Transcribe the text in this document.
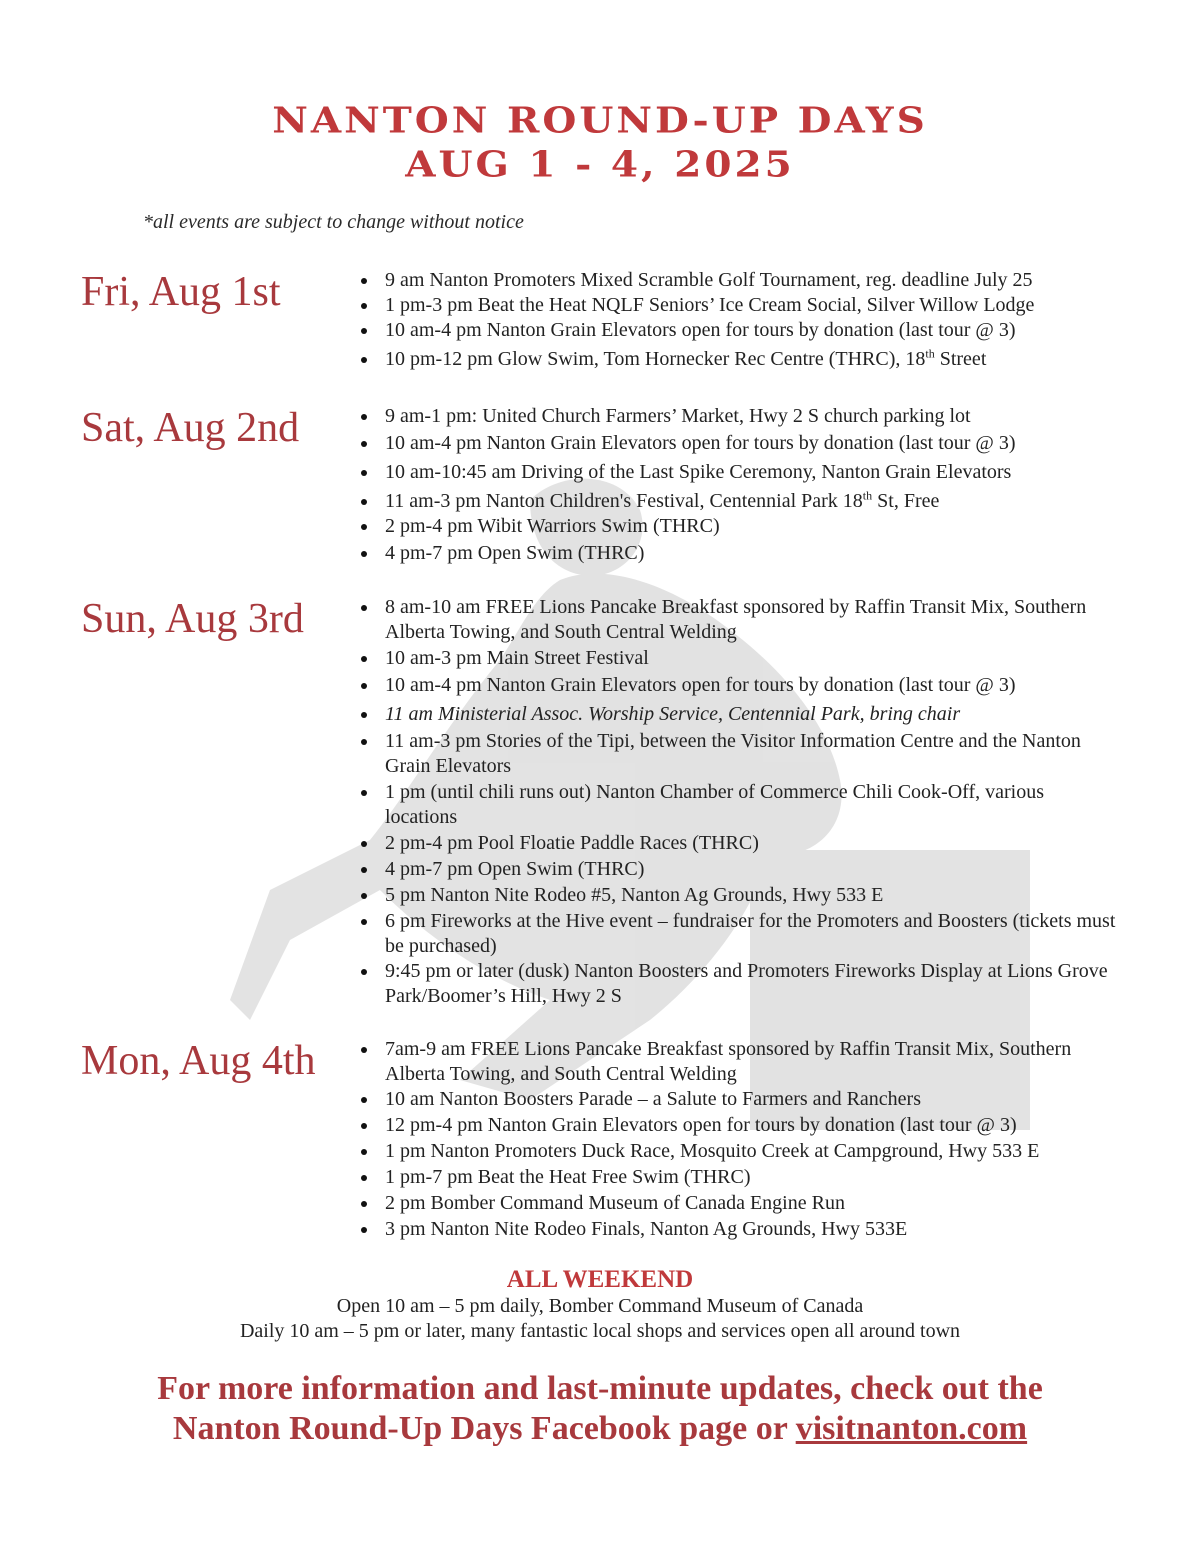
NANTON ROUND-UP DAYS
AUG 1 - 4, 2025
*all events are subject to change without notice
Fri, Aug 1st	9 am Nanton Promoters Mixed Scramble Golf Tournament, reg. deadline July 25
1 pm-3 pm Beat the Heat NQLF Seniors’ Ice Cream Social, Silver Willow Lodge
10 am-4 pm Nanton Grain Elevators open for tours by donation (last tour @ 3)
10 pm-12 pm Glow Swim, Tom Hornecker Rec Centre (THRC), 18th Street
Sat, Aug 2nd	9 am-1 pm: United Church Farmers’ Market, Hwy 2 S church parking lot
10 am-4 pm Nanton Grain Elevators open for tours by donation (last tour @ 3)
10 am-10:45 am Driving of the Last Spike Ceremony, Nanton Grain Elevators
11 am-3 pm Nanton Children's Festival, Centennial Park 18th St, Free
2 pm-4 pm Wibit Warriors Swim (THRC)
4 pm-7 pm Open Swim (THRC)
Sun, Aug 3rd	8 am-10 am FREE Lions Pancake Breakfast sponsored by Raffin Transit Mix, Southern Alberta Towing, and South Central Welding
10 am-3 pm Main Street Festival
10 am-4 pm Nanton Grain Elevators open for tours by donation (last tour @ 3)
11 am Ministerial Assoc. Worship Service, Centennial Park, bring chair
11 am-3 pm Stories of the Tipi, between the Visitor Information Centre and the Nanton Grain Elevators
1 pm (until chili runs out) Nanton Chamber of Commerce Chili Cook-Off, various locations
2 pm-4 pm Pool Floatie Paddle Races (THRC)
4 pm-7 pm Open Swim (THRC)
5 pm Nanton Nite Rodeo #5, Nanton Ag Grounds, Hwy 533 E
6 pm Fireworks at the Hive event – fundraiser for the Promoters and Boosters (tickets must be purchased)
9:45 pm or later (dusk) Nanton Boosters and Promoters Fireworks Display at Lions Grove Park/Boomer’s Hill, Hwy 2 S
Mon, Aug 4th	7am-9 am FREE Lions Pancake Breakfast sponsored by Raffin Transit Mix, Southern Alberta Towing, and South Central Welding
10 am Nanton Boosters Parade – a Salute to Farmers and Ranchers
12 pm-4 pm Nanton Grain Elevators open for tours by donation (last tour @ 3)
1 pm Nanton Promoters Duck Race, Mosquito Creek at Campground, Hwy 533 E
1 pm-7 pm Beat the Heat Free Swim (THRC)
2 pm Bomber Command Museum of Canada Engine Run
3 pm Nanton Nite Rodeo Finals, Nanton Ag Grounds, Hwy 533E
ALL WEEKEND
Open 10 am – 5 pm daily, Bomber Command Museum of Canada
Daily 10 am – 5 pm or later, many fantastic local shops and services open all around town
For more information and last-minute updates, check out the
Nanton Round-Up Days Facebook page or visitnanton.com
